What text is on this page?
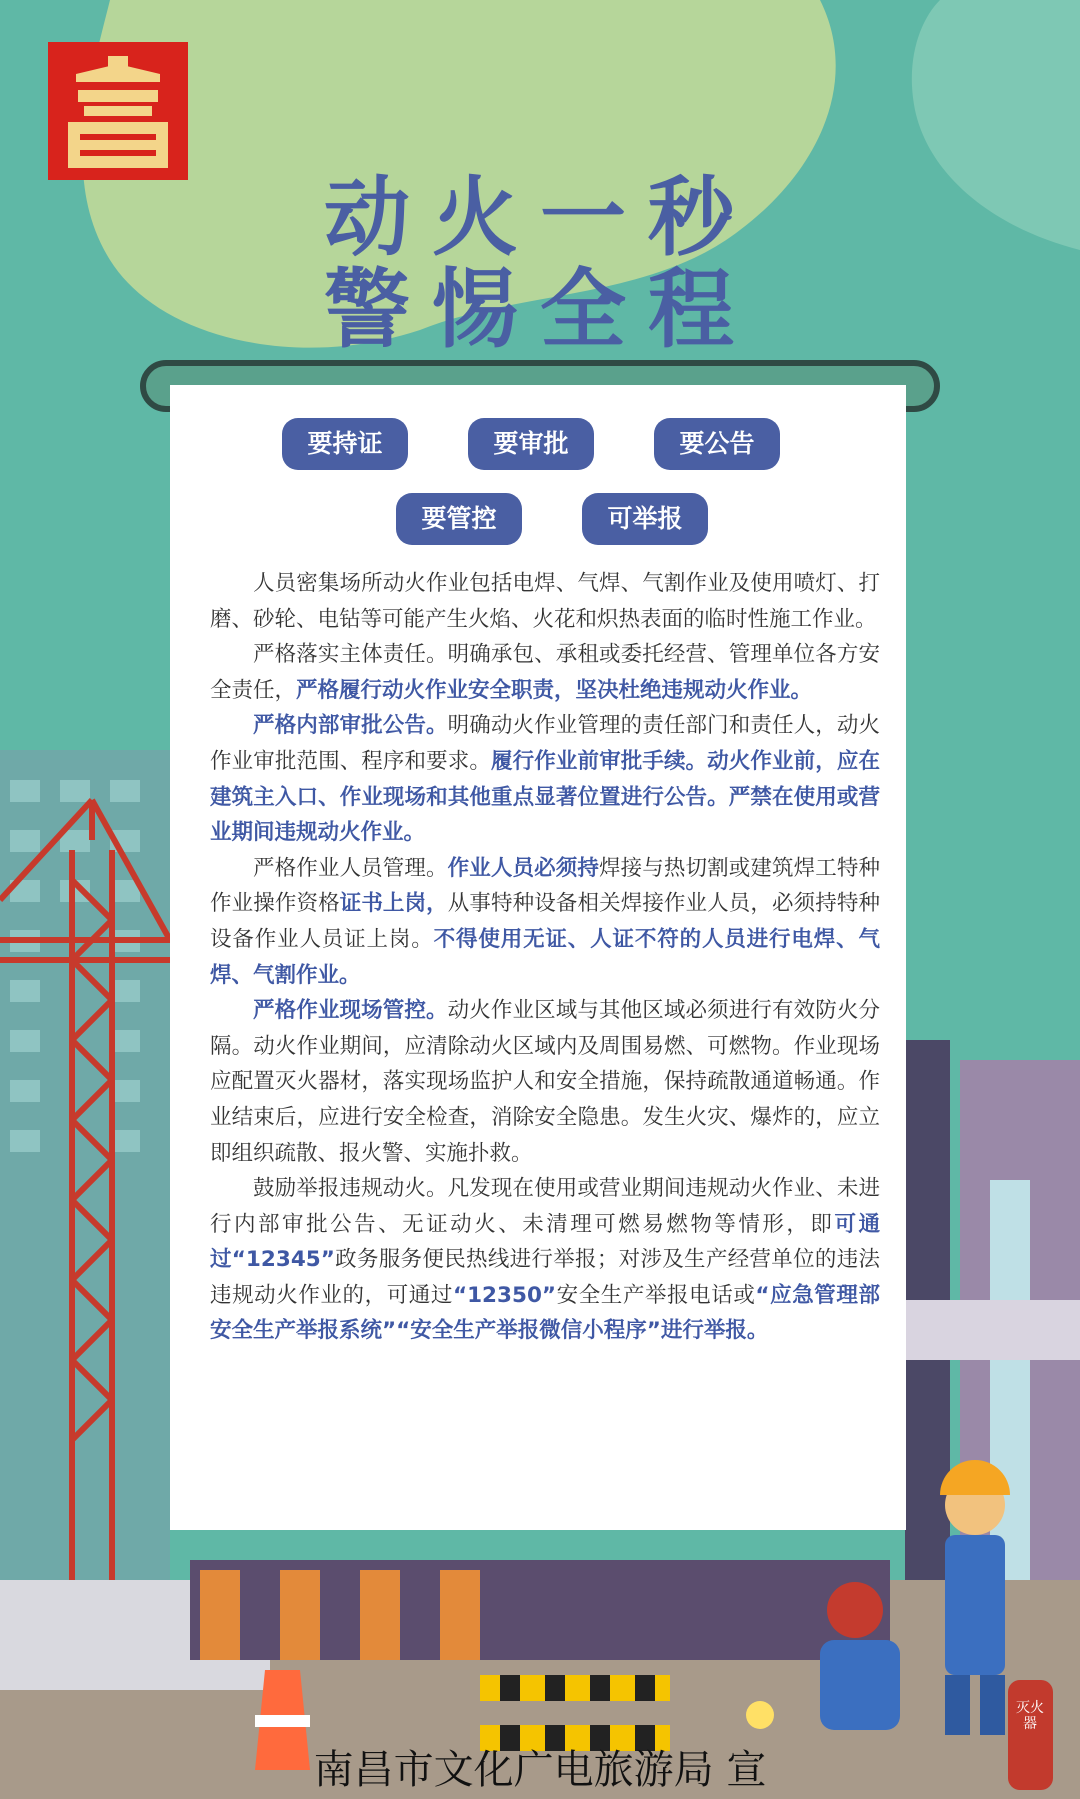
动火一秒
警惕全程
要持证	要审批	要公告
要管控	可举报

人员密集场所动火作业包括电焊、气焊、气割作业及使用喷灯、打磨、砂轮、电钻等可能产生火焰、火花和炽热表面的临时性施工作业。

严格落实主体责任。明确承包、承租或委托经营、管理单位各方安全责任，严格履行动火作业安全职责，坚决杜绝违规动火作业。

严格内部审批公告。明确动火作业管理的责任部门和责任人，动火作业审批范围、程序和要求。履行作业前审批手续。动火作业前，应在建筑主入口、作业现场和其他重点显著位置进行公告。严禁在使用或营业期间违规动火作业。

严格作业人员管理。作业人员必须持焊接与热切割或建筑焊工特种作业操作资格证书上岗，从事特种设备相关焊接作业人员，必须持特种设备作业人员证上岗。不得使用无证、人证不符的人员进行电焊、气焊、气割作业。

严格作业现场管控。动火作业区域与其他区域必须进行有效防火分隔。动火作业期间，应清除动火区域内及周围易燃、可燃物。作业现场应配置灭火器材，落实现场监护人和安全措施，保持疏散通道畅通。作业结束后，应进行安全检查，消除安全隐患。发生火灾、爆炸的，应立即组织疏散、报火警、实施扑救。

鼓励举报违规动火。凡发现在使用或营业期间违规动火作业、未进行内部审批公告、无证动火、未清理可燃易燃物等情形，即可通过“12345”政务服务便民热线进行举报；对涉及生产经营单位的违法违规动火作业的，可通过“12350”安全生产举报电话或“应急管理部安全生产举报系统”“安全生产举报微信小程序”进行举报。

灭火器
南昌市文化广电旅游局 宣
